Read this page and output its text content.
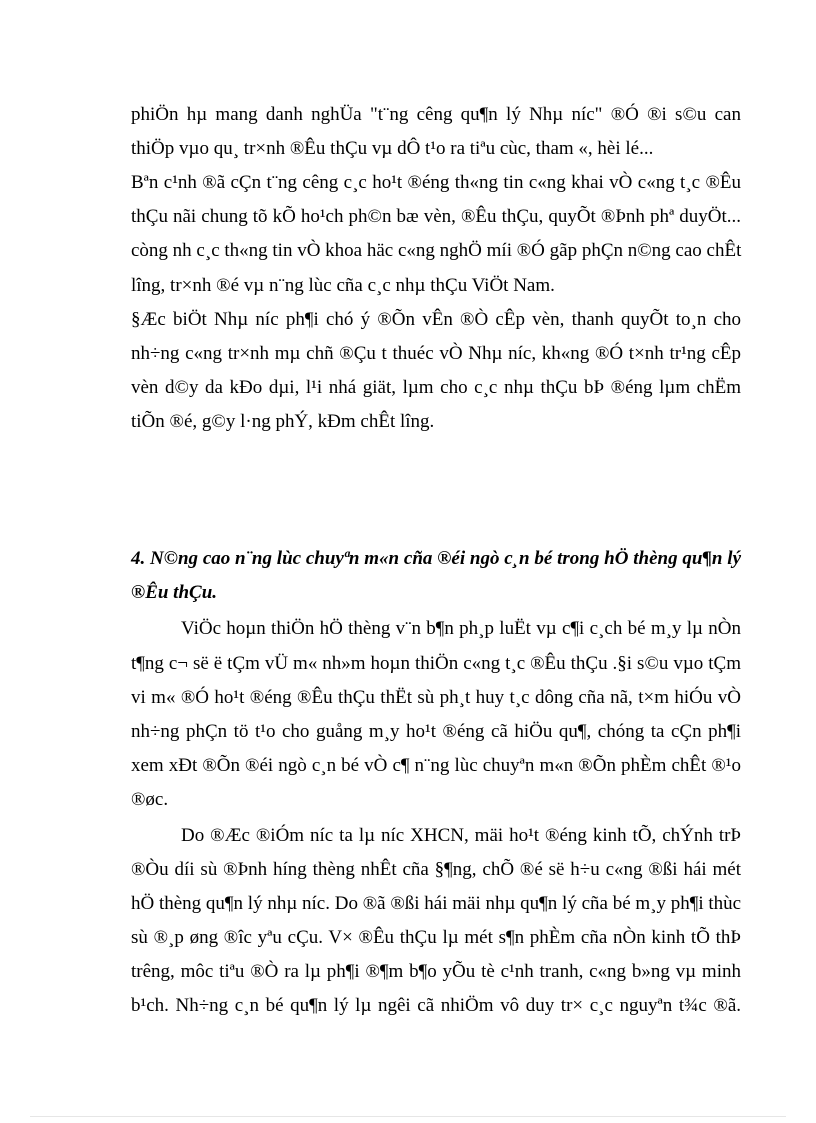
phiÖn hµ mang danh nghÜa "t¨ng cêng qu¶n lý Nhµ níc" ®Ó ®i s©u can
thiÖp vµo qu¸ tr×nh ®Êu thÇu vµ dÔ t¹o ra tiªu cùc, tham «, hèi lé...
Bªn c¹nh ®ã cÇn t¨ng cêng c¸c ho¹t ®éng th«ng tin c«ng khai vÒ c«ng t¸c ®Êu
thÇu nãi chung tõ kÕ ho¹ch ph©n bæ vèn, ®Êu thÇu, quyÕt ®Þnh phª duyÖt...
còng nh c¸c th«ng tin vÒ khoa häc c«ng nghÖ míi ®Ó gãp phÇn n©ng cao chÊt
lîng, tr×nh ®é vµ n¨ng lùc cña c¸c nhµ thÇu ViÖt Nam.
§Æc biÖt Nhµ níc ph¶i chó ý ®Õn vÊn ®Ò cÊp vèn, thanh quyÕt to¸n cho
nh÷ng c«ng tr×nh mµ chñ ®Çu t thuéc vÒ Nhµ níc, kh«ng ®Ó t×nh tr¹ng cÊp
vèn d©y da kÐo dµi, l¹i nhá giät, lµm cho c¸c nhµ thÇu bÞ ®éng lµm chËm
tiÕn ®é, g©y l·ng phÝ, kÐm chÊt lîng.
4. N©ng cao n¨ng lùc chuyªn m«n cña ®éi ngò c¸n bé trong hÖ thèng qu¶n lý
®Êu thÇu.
ViÖc hoµn thiÖn hÖ thèng v¨n b¶n ph¸p luËt vµ c¶i c¸ch bé m¸y lµ nÒn
t¶ng c¬ së ë tÇm vÜ m« nh»m hoµn thiÖn c«ng t¸c ®Êu thÇu .§i s©u vµo tÇm
vi m« ®Ó ho¹t ®éng ®Êu thÇu thËt sù ph¸t huy t¸c dông cña nã, t×m hiÓu vÒ
nh÷ng phÇn tö t¹o cho guång m¸y ho¹t ®éng cã hiÖu qu¶, chóng ta cÇn ph¶i
xem xÐt ®Õn ®éi ngò c¸n bé vÒ c¶ n¨ng lùc chuyªn m«n ®Õn phÈm chÊt ®¹o
®øc.
Do ®Æc ®iÓm níc ta lµ níc XHCN, mäi ho¹t ®éng kinh tÕ, chÝnh trÞ
®Òu díi sù ®Þnh híng thèng nhÊt cña §¶ng, chÕ ®é së h÷u c«ng ®ßi hái mét
hÖ thèng qu¶n lý nhµ níc. Do ®ã ®ßi hái mäi nhµ qu¶n lý cña bé m¸y ph¶i thùc
sù ®¸p øng ®îc yªu cÇu. V× ®Êu thÇu lµ mét s¶n phÈm cña nÒn kinh tÕ thÞ
trêng, môc tiªu ®Ò ra lµ ph¶i ®¶m b¶o yÕu tè c¹nh tranh, c«ng b»ng vµ minh
b¹ch. Nh÷ng c¸n bé qu¶n lý lµ ngêi cã nhiÖm vô duy tr× c¸c nguyªn t¾c ®ã.
